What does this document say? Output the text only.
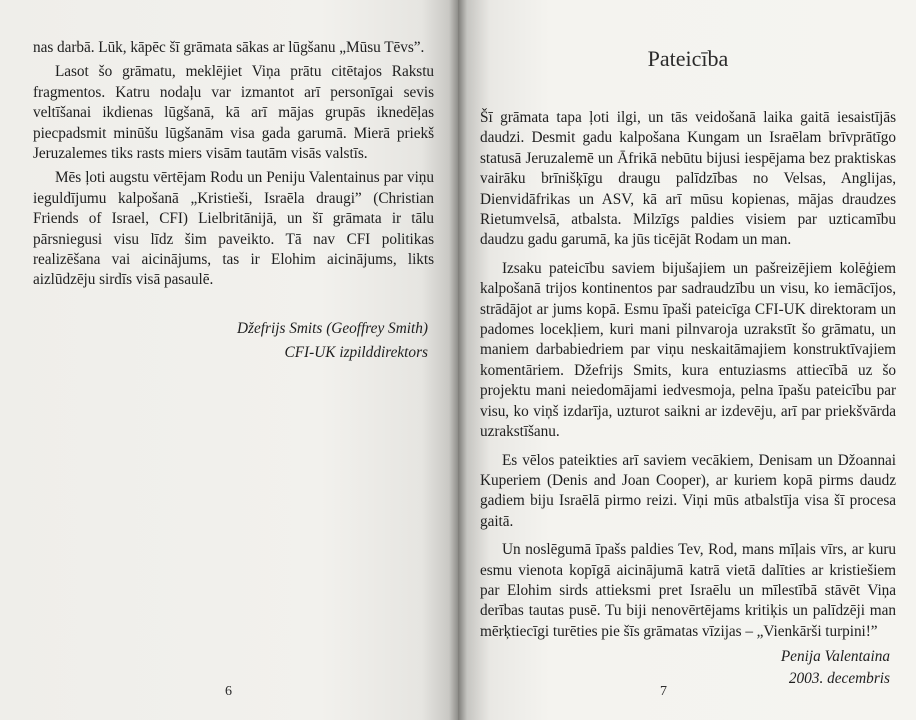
nas darbā. Lūk, kāpēc šī grāmata sākas ar lūgšanu „Mūsu Tēvs”.

Lasot šo grāmatu, meklējiet Viņa prātu citētajos Rakstu fragmentos. Katru nodaļu var izmantot arī personīgai sevis veltīšanai ikdienas lūgšanā, kā arī mājas grupās iknedēļas piecpadsmit minūšu lūgšanām visa gada garumā. Mierā priekš Jeruzalemes tiks rasts miers visām tautām visās valstīs.

Mēs ļoti augstu vērtējam Rodu un Peniju Valentainus par viņu ieguldījumu kalpošanā „Kristieši, Israēla draugi” (Christian Friends of Israel, CFI) Lielbritānijā, un šī grāmata ir tālu pārsniegusi visu līdz šim paveikto. Tā nav CFI politikas realizēšana vai aicinājums, tas ir Elohim aicinājums, likts aizlūdzēju sirdīs visā pasaulē.

Džefrijs Smits (Geoffrey Smith)
CFI-UK izpilddirektors
6
Pateicība

Šī grāmata tapa ļoti ilgi, un tās veidošanā laika gaitā iesaistījās daudzi. Desmit gadu kalpošana Kungam un Israēlam brīvprātīgo statusā Jeruzalemē un Āfrikā nebūtu bijusi iespējama bez praktiskas vairāku brīnišķīgu draugu palīdzības no Velsas, Anglijas, Dienvidāfrikas un ASV, kā arī mūsu kopienas, mājas draudzes Rietumvelsā, atbalsta. Milzīgs paldies visiem par uzticamību daudzu gadu garumā, ka jūs ticējāt Rodam un man.

Izsaku pateicību saviem bijušajiem un pašreizējiem kolēģiem kalpošanā trijos kontinentos par sadraudzību un visu, ko iemācījos, strādājot ar jums kopā. Esmu īpaši pateicīga CFI-UK direktoram un padomes locekļiem, kuri mani pilnvaroja uzrakstīt šo grāmatu, un maniem darbabiedriem par viņu neskaitāmajiem konstruktīvajiem komentāriem. Džefrijs Smits, kura entuziasms attiecībā uz šo projektu mani neiedomājami iedvesmoja, pelna īpašu pateicību par visu, ko viņš izdarīja, uzturot saikni ar izdevēju, arī par priekšvārda uzrakstīšanu.

Es vēlos pateikties arī saviem vecākiem, Denisam un Džoannai Kuperiem (Denis and Joan Cooper), ar kuriem kopā pirms daudz gadiem biju Israēlā pirmo reizi. Viņi mūs atbalstīja visa šī procesa gaitā.

Un noslēgumā īpašs paldies Tev, Rod, mans mīļais vīrs, ar kuru esmu vienota kopīgā aicinājumā katrā vietā dalīties ar kristiešiem par Elohim sirds attieksmi pret Israēlu un mīlestībā stāvēt Viņa derības tautas pusē. Tu biji nenovērtējams kritiķis un palīdzēji man mērķtiecīgi turēties pie šīs grāmatas vīzijas – „Vienkārši turpini!”

Penija Valentaina
2003. decembris
7
